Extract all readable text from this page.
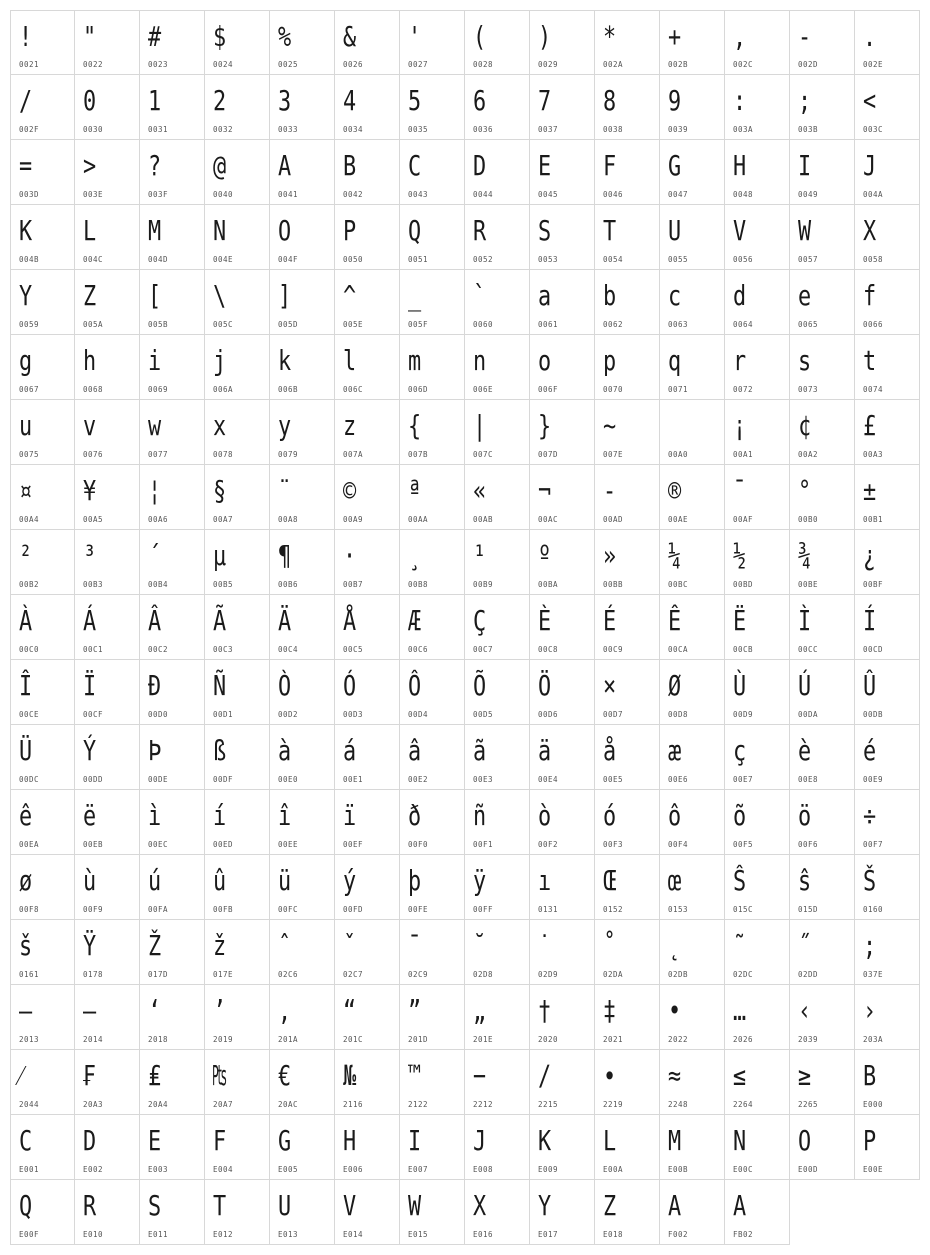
!
0021
"
0022
#
0023
$
0024
%
0025
&
0026
'
0027
(
0028
)
0029
*
002A
+
002B
,
002C
-
002D
.
002E
/
002F
0
0030
1
0031
2
0032
3
0033
4
0034
5
0035
6
0036
7
0037
8
0038
9
0039
:
003A
;
003B
<
003C
=
003D
>
003E
?
003F
@
0040
A
0041
B
0042
C
0043
D
0044
E
0045
F
0046
G
0047
H
0048
I
0049
J
004A
K
004B
L
004C
M
004D
N
004E
O
004F
P
0050
Q
0051
R
0052
S
0053
T
0054
U
0055
V
0056
W
0057
X
0058
Y
0059
Z
005A
[
005B
\
005C
]
005D
^
005E
_
005F
`
0060
a
0061
b
0062
c
0063
d
0064
e
0065
f
0066
g
0067
h
0068
i
0069
j
006A
k
006B
l
006C
m
006D
n
006E
o
006F
p
0070
q
0071
r
0072
s
0073
t
0074
u
0075
v
0076
w
0077
x
0078
y
0079
z
007A
{
007B
|
007C
}
007D
~
007E
	00A0
¡
00A1
¢
00A2
£
00A3
¤
00A4
¥
00A5
¦
00A6
§
00A7
¨
00A8
©
00A9
ª
00AA
«
00AB
¬
00AC
-
00AD
®
00AE
¯
00AF
°
00B0
±
00B1
²
00B2
³
00B3
´
00B4
µ
00B5
¶
00B6
·
00B7
¸
00B8
¹
00B9
º
00BA
»
00BB
¼
00BC
½
00BD
¾
00BE
¿
00BF
À
00C0
Á
00C1
Â
00C2
Ã
00C3
Ä
00C4
Å
00C5
Æ
00C6
Ç
00C7
È
00C8
É
00C9
Ê
00CA
Ë
00CB
Ì
00CC
Í
00CD
Î
00CE
Ï
00CF
Ð
00D0
Ñ
00D1
Ò
00D2
Ó
00D3
Ô
00D4
Õ
00D5
Ö
00D6
×
00D7
Ø
00D8
Ù
00D9
Ú
00DA
Û
00DB
Ü
00DC
Ý
00DD
Þ
00DE
ß
00DF
à
00E0
á
00E1
â
00E2
ã
00E3
ä
00E4
å
00E5
æ
00E6
ç
00E7
è
00E8
é
00E9
ê
00EA
ë
00EB
ì
00EC
í
00ED
î
00EE
ï
00EF
ð
00F0
ñ
00F1
ò
00F2
ó
00F3
ô
00F4
õ
00F5
ö
00F6
÷
00F7
ø
00F8
ù
00F9
ú
00FA
û
00FB
ü
00FC
ý
00FD
þ
00FE
ÿ
00FF
ı
0131
Œ
0152
œ
0153
Ŝ
015C
ŝ
015D
Š
0160
š
0161
Ÿ
0178
Ž
017D
ž
017E
ˆ
02C6
ˇ
02C7
ˉ
02C9
˘
02D8
˙
02D9
˚
02DA
˛
02DB
˜
02DC
˝
02DD
;
037E
–
2013
—
2014
‘
2018
’
2019
‚
201A
“
201C
”
201D
„
201E
†
2020
‡
2021
•
2022
…
2026
‹
2039
›
203A
⁄
2044
₣
20A3
₤
20A4
₧
20A7
€
20AC
№
2116
™
2122
−
2212
∕
2215
∙
2219
≈
2248
≤
2264
≥
2265
B
E000
C
E001
D
E002
E
E003
F
E004
G
E005
H
E006
I
E007
J
E008
K
E009
L
E00A
M
E00B
N
E00C
O
E00D
P
E00E
Q
E00F
R
E010
S
E011
T
E012
U
E013
V
E014
W
E015
X
E016
Y
E017
Z
E018
A
F002
A
FB02
